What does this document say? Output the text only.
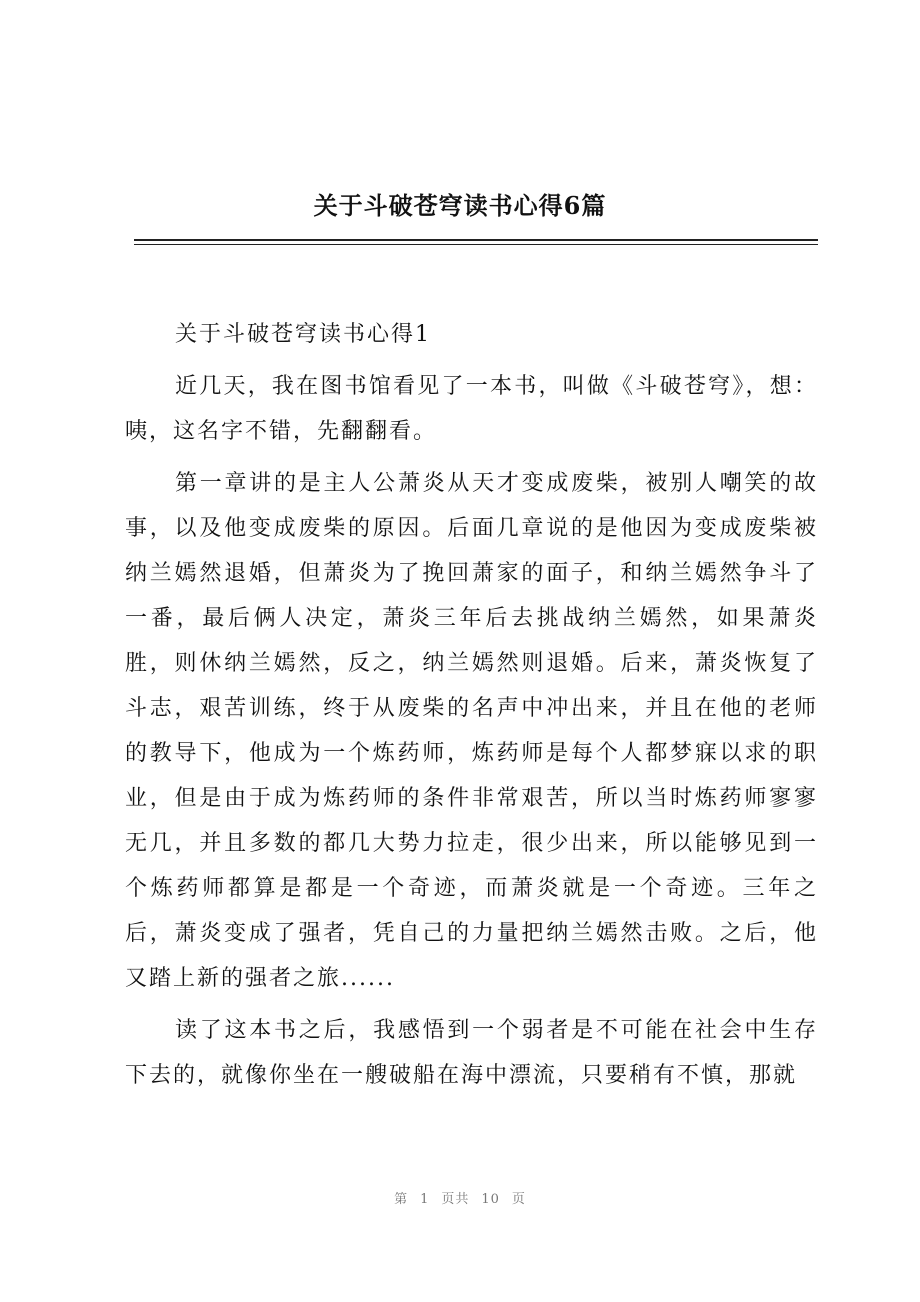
关于斗破苍穹读书心得6篇

关于斗破苍穹读书心得1

近几天，我在图书馆看见了一本书，叫做《斗破苍穹》，想：咦，这名字不错，先翻翻看。

第一章讲的是主人公萧炎从天才变成废柴，被别人嘲笑的故事，以及他变成废柴的原因。后面几章说的是他因为变成废柴被纳兰嫣然退婚，但萧炎为了挽回萧家的面子，和纳兰嫣然争斗了一番，最后俩人决定，萧炎三年后去挑战纳兰嫣然，如果萧炎胜，则休纳兰嫣然，反之，纳兰嫣然则退婚。后来，萧炎恢复了斗志，艰苦训练，终于从废柴的名声中冲出来，并且在他的老师的教导下，他成为一个炼药师，炼药师是每个人都梦寐以求的职业，但是由于成为炼药师的条件非常艰苦，所以当时炼药师寥寥无几，并且多数的都几大势力拉走，很少出来，所以能够见到一个炼药师都算是都是一个奇迹，而萧炎就是一个奇迹。三年之后，萧炎变成了强者，凭自己的力量把纳兰嫣然击败。之后，他又踏上新的强者之旅......

读了这本书之后，我感悟到一个弱者是不可能在社会中生存下去的，就像你坐在一艘破船在海中漂流，只要稍有不慎，那就

第 1 页共 10 页
